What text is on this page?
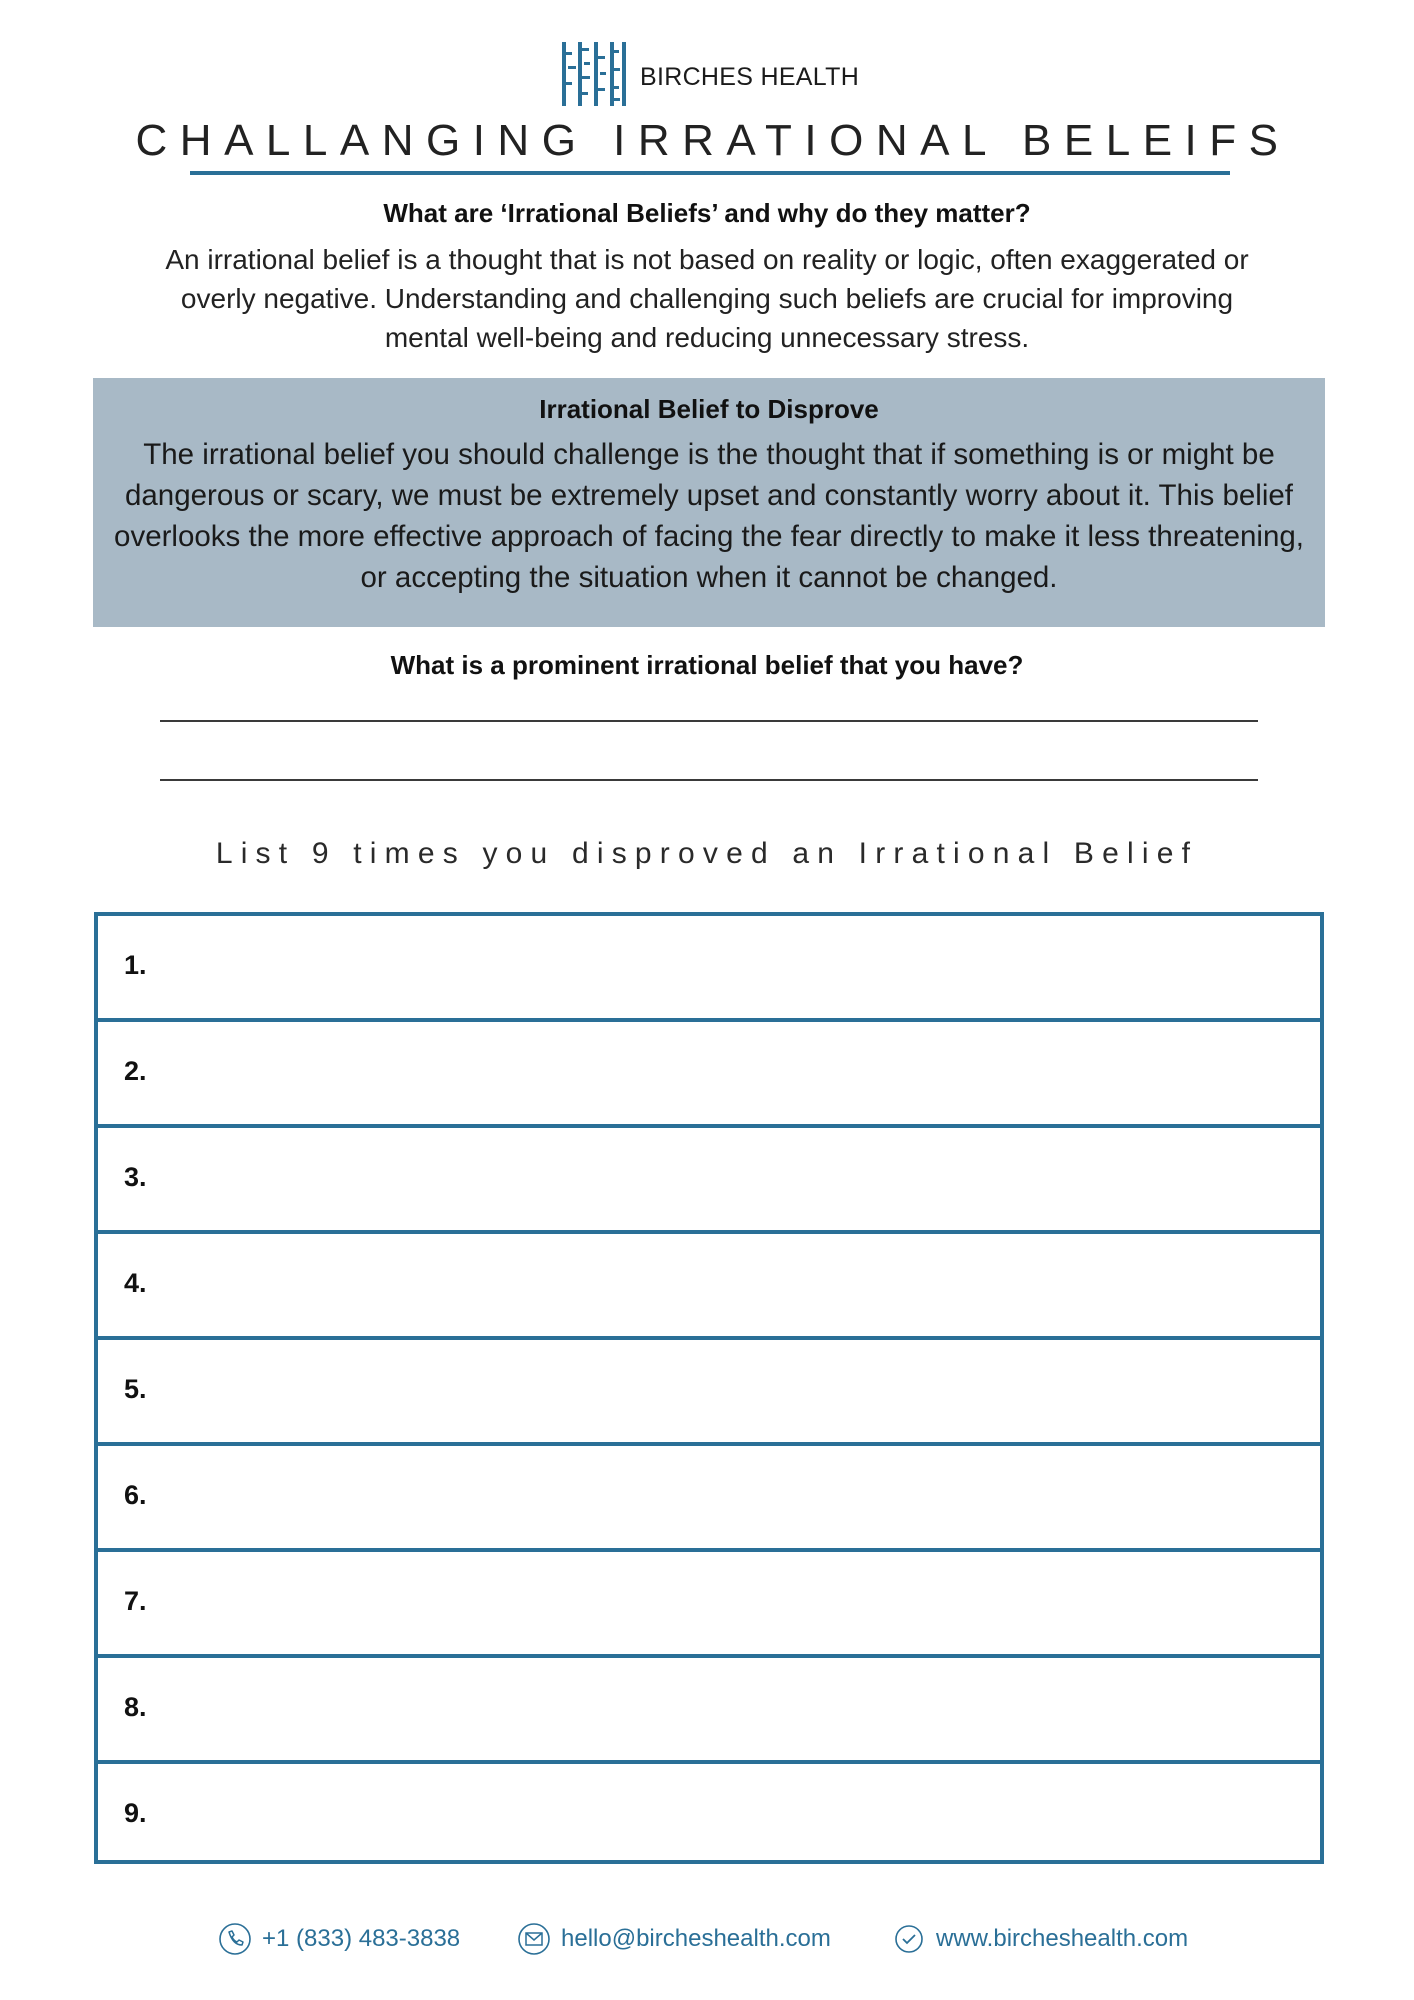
BIRCHES HEALTH
CHALLANGING IRRATIONAL BELEIFS
What are ‘Irrational Beliefs’ and why do they matter?
An irrational belief is a thought that is not based on reality or logic, often exaggerated or overly negative. Understanding and challenging such beliefs are crucial for improving mental well-being and reducing unnecessary stress.
Irrational Belief to Disprove
The irrational belief you should challenge is the thought that if something is or might be dangerous or scary, we must be extremely upset and constantly worry about it. This belief overlooks the more effective approach of facing the fear directly to make it less threatening, or accepting the situation when it cannot be changed.
What is a prominent irrational belief that you have?
List 9 times you disproved an Irrational Belief
1.
2.
3.
4.
5.
6.
7.
8.
9.
+1 (833) 483-3838	hello@bircheshealth.com	www.bircheshealth.com
